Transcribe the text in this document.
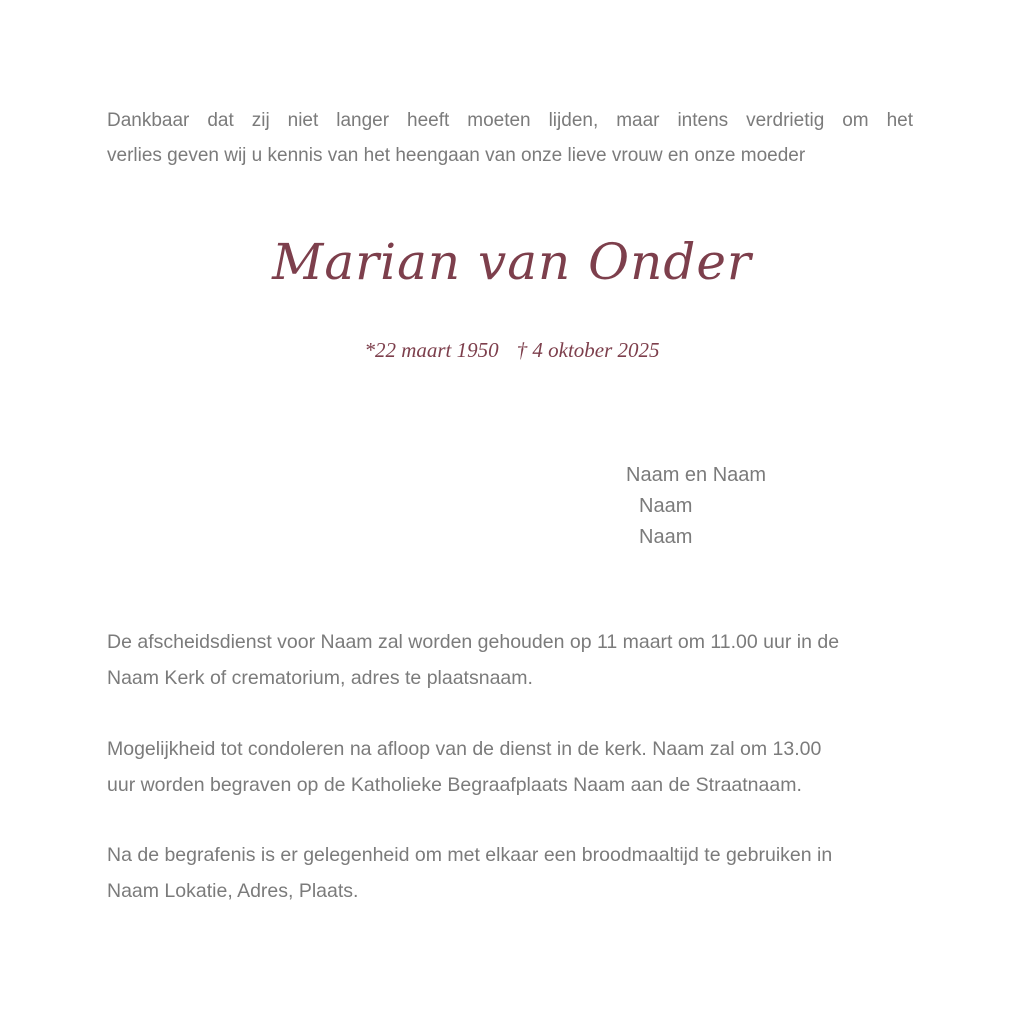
Dankbaar dat zij niet langer heeft moeten lijden, maar intens verdrietig om het
verlies geven wij u kennis van het heengaan van onze lieve vrouw en onze moeder
Marian van Onder
*22 maart 1950 † 4 oktober 2025
Naam en Naam
Naam
Naam
De afscheidsdienst voor Naam zal worden gehouden op 11 maart om 11.00 uur in de
Naam Kerk of crematorium, adres te plaatsnaam.
Mogelijkheid tot condoleren na afloop van de dienst in de kerk. Naam zal om 13.00
uur worden begraven op de Katholieke Begraafplaats Naam aan de Straatnaam.
Na de begrafenis is er gelegenheid om met elkaar een broodmaaltijd te gebruiken in
Naam Lokatie, Adres, Plaats.
